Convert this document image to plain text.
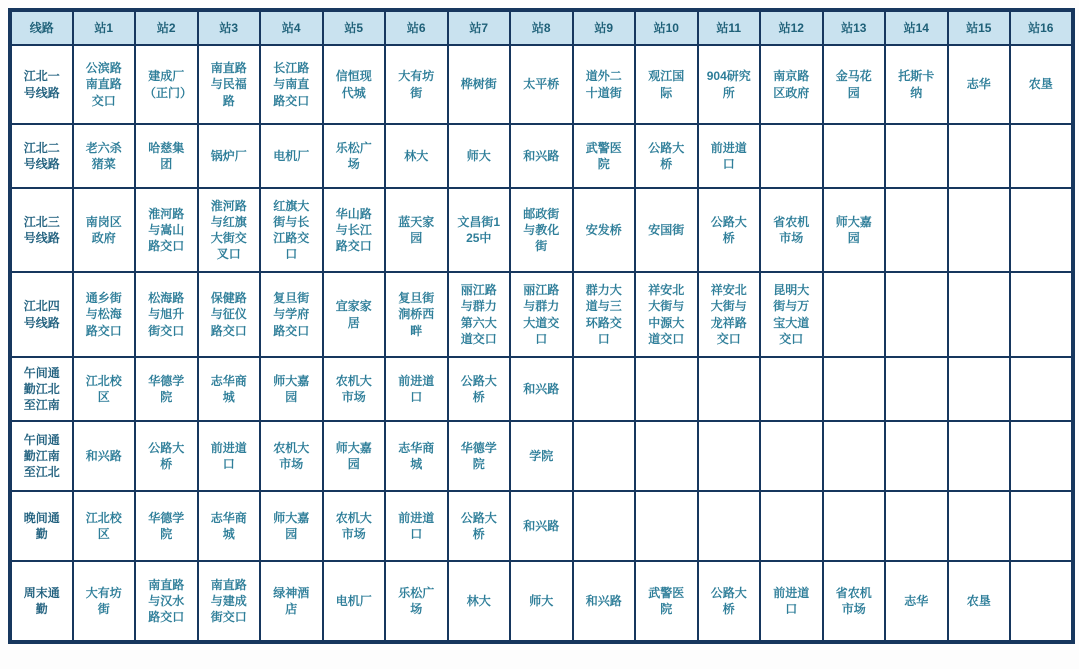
线路	站1	站2	站3	站4	站5	站6	站7	站8	站9	站10	站11	站12	站13	站14	站15	站16
江北一号线路	公滨路南直路交口	建成厂（正门）	南直路与民福路	长江路与南直路交口	信恒现代城	大有坊街	桦树街	太平桥	道外二十道街	观江国际	904研究所	南京路区政府	金马花园	托斯卡纳	志华	农垦
江北二号线路	老六杀猪菜	哈慈集团	锅炉厂	电机厂	乐松广场	林大	师大	和兴路	武警医院	公路大桥	前进道口					
江北三号线路	南岗区政府	淮河路与嵩山路交口	淮河路与红旗大街交叉口	红旗大街与长江路交口	华山路与长江路交口	蓝天家园	文昌街125中	邮政街与教化街	安发桥	安国街	公路大桥	省农机市场	师大嘉园			
江北四号线路	通乡街与松海路交口	松海路与旭升街交口	保健路与征仪路交口	复旦街与学府路交口	宜家家居	复旦街涧桥西畔	丽江路与群力第六大道交口	丽江路与群力大道交口	群力大道与三环路交口	祥安北大街与中源大道交口	祥安北大街与龙祥路交口	昆明大街与万宝大道交口				
午间通勤江北至江南	江北校区	华德学院	志华商城	师大嘉园	农机大市场	前进道口	公路大桥	和兴路								
午间通勤江南至江北	和兴路	公路大桥	前进道口	农机大市场	师大嘉园	志华商城	华德学院	学院								
晚间通勤	江北校区	华德学院	志华商城	师大嘉园	农机大市场	前进道口	公路大桥	和兴路								
周末通勤	大有坊街	南直路与汉水路交口	南直路与建成街交口	绿神酒店	电机厂	乐松广场	林大	师大	和兴路	武警医院	公路大桥	前进道口	省农机市场	志华	农垦	
